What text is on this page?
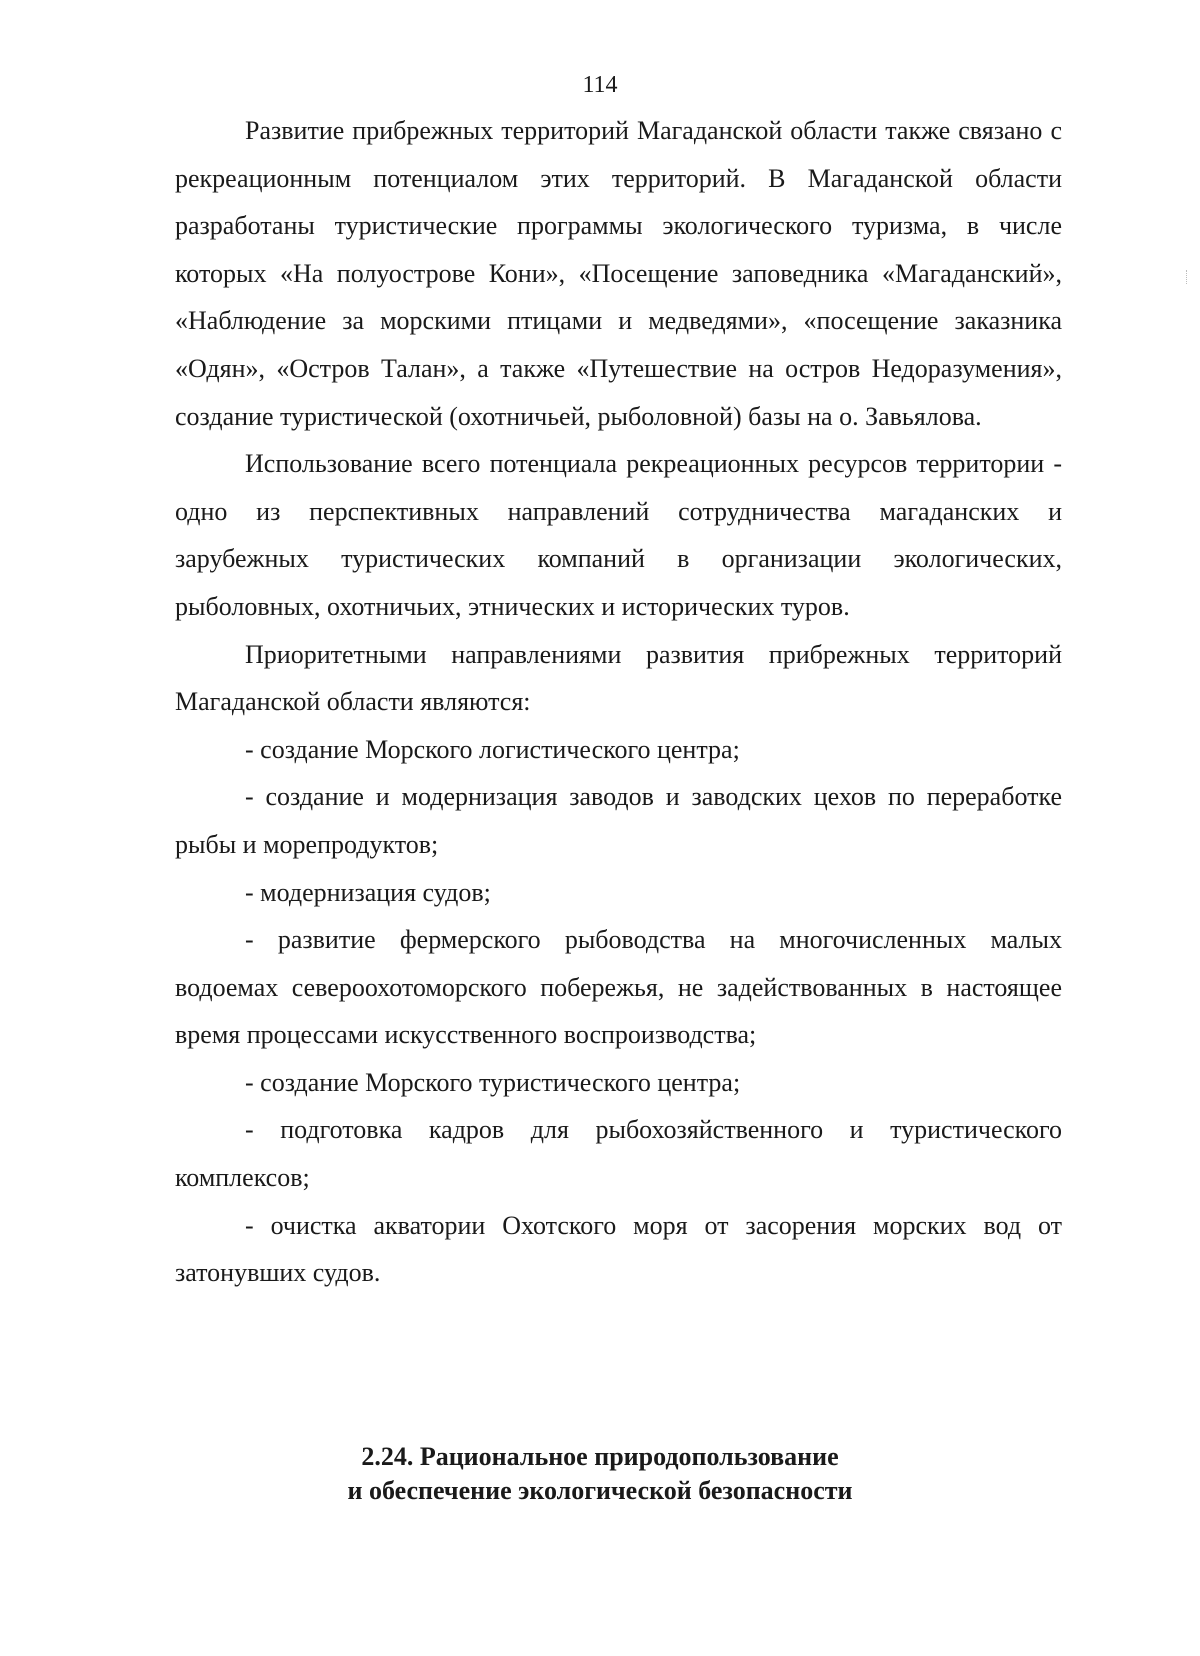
114

Развитие прибрежных территорий Магаданской области также связано с рекреационным потенциалом этих территорий. В Магаданской области разработаны туристические программы экологического туризма, в числе которых «На полуострове Кони», «Посещение заповедника «Магаданский», «Наблюдение за морскими птицами и медведями», «посещение заказника «Одян», «Остров Талан», а также «Путешествие на остров Недоразумения», создание туристической (охотничьей, рыболовной) базы на о. Завьялова.

Использование всего потенциала рекреационных ресурсов территории - одно из перспективных направлений сотрудничества магаданских и зарубежных туристических компаний в организации экологических, рыболовных, охотничьих, этнических и исторических туров.

Приоритетными направлениями развития прибрежных территорий Магаданской области являются:

- создание Морского логистического центра;

- создание и модернизация заводов и заводских цехов по переработке рыбы и морепродуктов;

- модернизация судов;

- развитие фермерского рыбоводства на многочисленных малых водоемах североохотоморского побережья, не задействованных в настоящее время процессами искусственного воспроизводства;

- создание Морского туристического центра;

- подготовка кадров для рыбохозяйственного и туристического комплексов;

- очистка акватории Охотского моря от засорения морских вод от затонувших судов.

2.24. Рациональное природопользование
и обеспечение экологической безопасности
